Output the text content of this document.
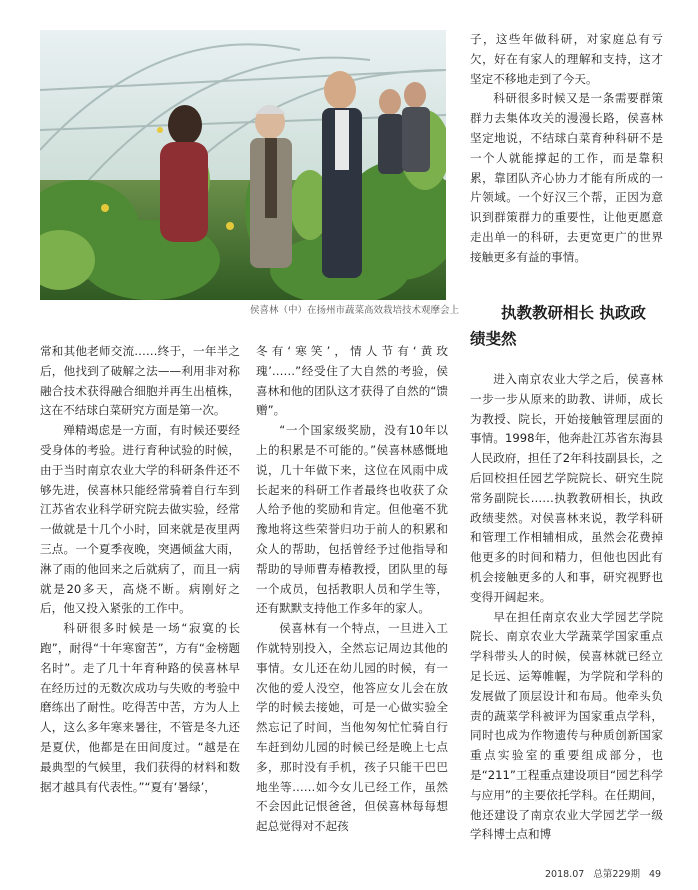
侯喜林（中）在扬州市蔬菜高效栽培技术观摩会上

子，这些年做科研，对家庭总有亏欠，好在有家人的理解和支持，这才坚定不移地走到了今天。

科研很多时候又是一条需要群策群力去集体攻关的漫漫长路，侯喜林坚定地说，不结球白菜育种科研不是一个人就能撑起的工作，而是靠积累，靠团队齐心协力才能有所成的一片领域。一个好汉三个帮，正因为意识到群策群力的重要性，让他更愿意走出单一的科研，去更宽更广的世界接触更多有益的事情。

执教教研相长 执政政
绩斐然

常和其他老师交流……终于，一年半之后，他找到了破解之法——利用非对称融合技术获得融合细胞并再生出植株，这在不结球白菜研究方面是第一次。

殚精竭虑是一方面，有时候还要经受身体的考验。进行育种试验的时候，由于当时南京农业大学的科研条件还不够先进，侯喜林只能经常骑着自行车到江苏省农业科学研究院去做实验，经常一做就是十几个小时，回来就是夜里两三点。一个夏季夜晚，突遇倾盆大雨，淋了雨的他回来之后就病了，而且一病就是20多天，高烧不断。病刚好之后，他又投入紧张的工作中。

科研很多时候是一场“寂寞的长跑”，耐得“十年寒窗苦”，方有“金榜题名时”。走了几十年育种路的侯喜林早在经历过的无数次成功与失败的考验中磨练出了耐性。吃得苦中苦，方为人上人，这么多年寒来暑往，不管是冬九还是夏伏，他都是在田间度过。“越是在最典型的气候里，我们获得的材料和数据才越具有代表性。”“夏有‘暑绿’，

冬有‘寒笑’，情人节有‘黄玫瑰’……”经受住了大自然的考验，侯喜林和他的团队这才获得了自然的“馈赠”。

“一个国家级奖励，没有10年以上的积累是不可能的。”侯喜林感慨地说，几十年做下来，这位在风雨中成长起来的科研工作者最终也收获了众人给予他的奖励和肯定。但他毫不犹豫地将这些荣誉归功于前人的积累和众人的帮助，包括曾经予过他指导和帮助的导师曹寿椿教授，团队里的每一个成员，包括教职人员和学生等，还有默默支持他工作多年的家人。

侯喜林有一个特点，一旦进入工作就特别投入，全然忘记周边其他的事情。女儿还在幼儿园的时候，有一次他的爱人没空，他答应女儿会在放学的时候去接她，可是一心做实验全然忘记了时间，当他匆匆忙忙骑自行车赶到幼儿园的时候已经是晚上七点多，那时没有手机，孩子只能干巴巴地坐等……如今女儿已经工作，虽然不会因此记恨爸爸，但侯喜林每每想起总觉得对不起孩

进入南京农业大学之后，侯喜林一步一步从原来的助教、讲师，成长为教授、院长，开始接触管理层面的事情。1998年，他奔赴江苏省东海县人民政府，担任了2年科技副县长，之后回校担任园艺学院院长、研究生院常务副院长……执教教研相长，执政政绩斐然。对侯喜林来说，教学科研和管理工作相辅相成，虽然会花费掉他更多的时间和精力，但他也因此有机会接触更多的人和事，研究视野也变得开阔起来。

早在担任南京农业大学园艺学院院长、南京农业大学蔬菜学国家重点学科带头人的时候，侯喜林就已经立足长远、运筹帷幄，为学院和学科的发展做了顶层设计和布局。他牵头负责的蔬菜学科被评为国家重点学科，同时也成为作物遗传与种质创新国家重点实验室的重要组成部分，也是“211”工程重点建设项目“园艺科学与应用”的主要依托学科。在任期间，他还建设了南京农业大学园艺学一级学科博士点和博

2018.07 总第229期 49
